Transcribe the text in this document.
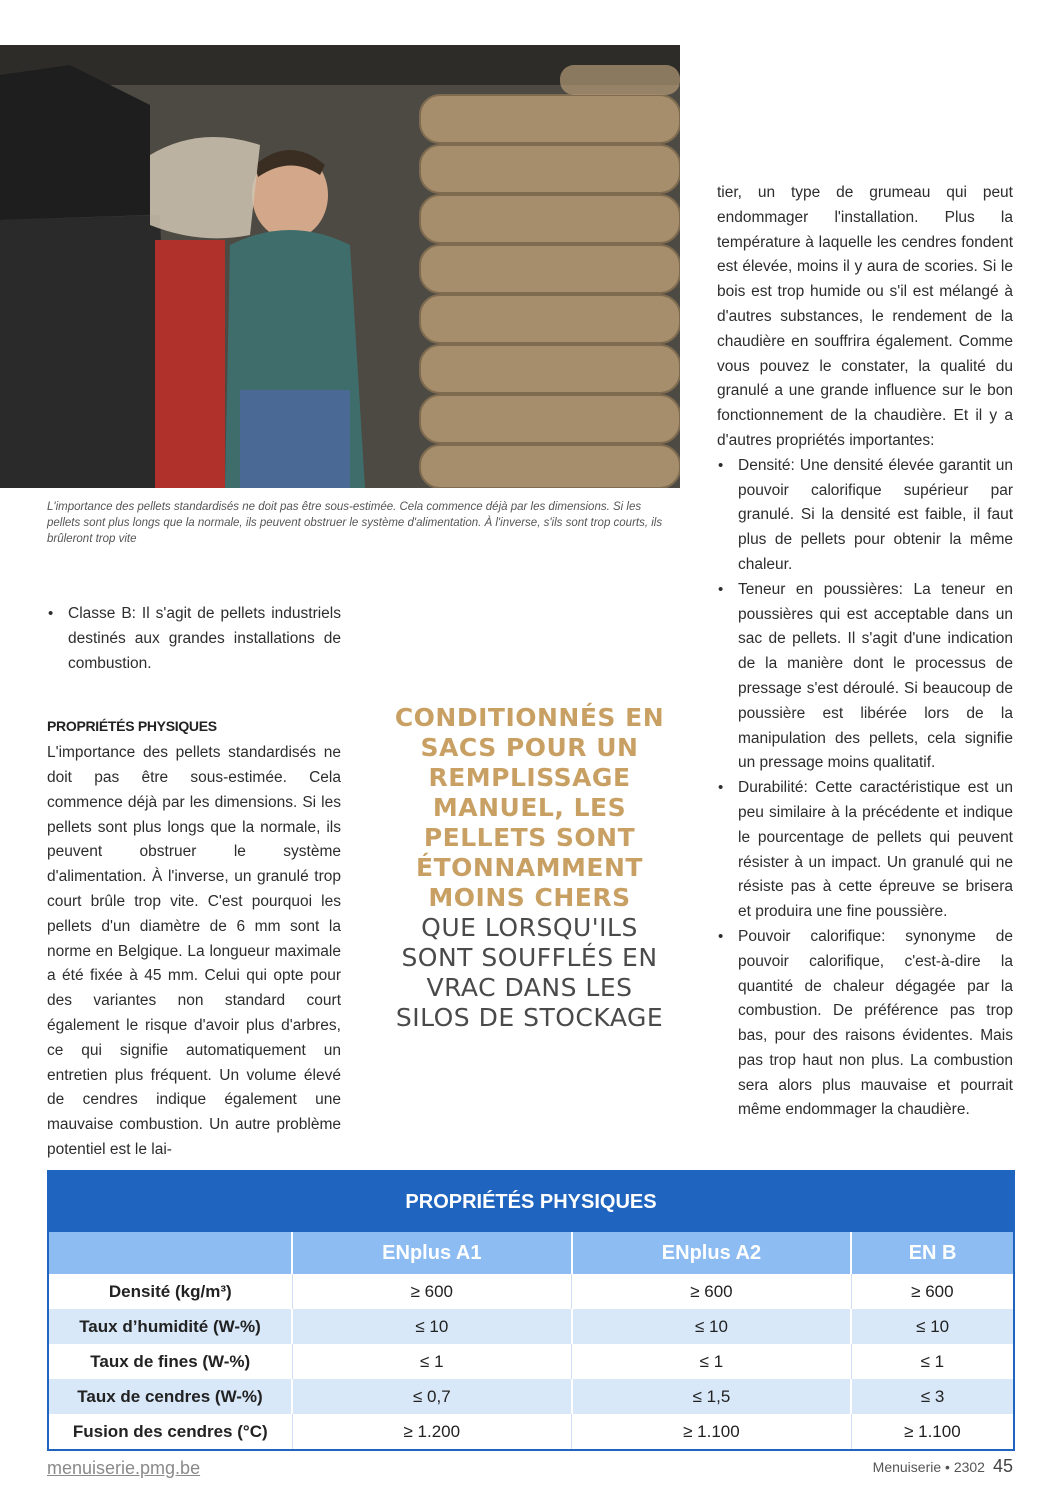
L'importance des pellets standardisés ne doit pas être sous-estimée. Cela commence déjà par les dimensions. Si les pellets sont plus longs que la normale, ils peuvent obstruer le système d'alimentation. À l'inverse, s'ils sont trop courts, ils brûleront trop vite
• Classe B: Il s'agit de pellets industriels destinés aux grandes installations de combustion.
PROPRIÉTÉS PHYSIQUES
L'importance des pellets standardisés ne doit pas être sous-estimée. Cela commence déjà par les dimensions. Si les pellets sont plus longs que la normale, ils peuvent obstruer le système d'alimentation. À l'inverse, un granulé trop court brûle trop vite. C'est pourquoi les pellets d'un diamètre de 6 mm sont la norme en Belgique. La longueur maximale a été fixée à 45 mm. Celui qui opte pour des variantes non standard court également le risque d'avoir plus d'arbres, ce qui signifie automatiquement un entretien plus fréquent. Un volume élevé de cendres indique également une mauvaise combustion. Un autre problème potentiel est le lai-
CONDITIONNÉS EN SACS POUR UN REMPLISSAGE MANUEL, LES PELLETS SONT ÉTONNAMMENT MOINS CHERS
QUE LORSQU'ILS SONT SOUFFLÉS EN VRAC DANS LES SILOS DE STOCKAGE
tier, un type de grumeau qui peut endommager l'installation. Plus la température à laquelle les cendres fondent est élevée, moins il y aura de scories. Si le bois est trop humide ou s'il est mélangé à d'autres substances, le rendement de la chaudière en souffrira également. Comme vous pouvez le constater, la qualité du granulé a une grande influence sur le bon fonctionnement de la chaudière. Et il y a d'autres propriétés importantes:
• Densité: Une densité élevée garantit un pouvoir calorifique supérieur par granulé. Si la densité est faible, il faut plus de pellets pour obtenir la même chaleur.
• Teneur en poussières: La teneur en poussières qui est acceptable dans un sac de pellets. Il s'agit d'une indication de la manière dont le processus de pressage s'est déroulé. Si beaucoup de poussière est libérée lors de la manipulation des pellets, cela signifie un pressage moins qualitatif.
• Durabilité: Cette caractéristique est un peu similaire à la précédente et indique le pourcentage de pellets qui peuvent résister à un impact. Un granulé qui ne résiste pas à cette épreuve se brisera et produira une fine poussière.
• Pouvoir calorifique: synonyme de pouvoir calorifique, c'est-à-dire la quantité de chaleur dégagée par la combustion. De préférence pas trop bas, pour des raisons évidentes. Mais pas trop haut non plus. La combustion sera alors plus mauvaise et pourrait même endommager la chaudière.
PROPRIÉTÉS PHYSIQUES			
	ENplus A1	ENplus A2	EN B
Densité (kg/m³)	≥ 600	≥ 600	≥ 600
Taux d’humidité (W-%)	≤ 10	≤ 10	≤ 10
Taux de fines (W-%)	≤ 1	≤ 1	≤ 1
Taux de cendres (W-%)	≤ 0,7	≤ 1,5	≤ 3
Fusion des cendres (°C)	≥ 1.200	≥ 1.100	≥ 1.100
menuiserie.pmg.be	Menuiserie • 2302 45
